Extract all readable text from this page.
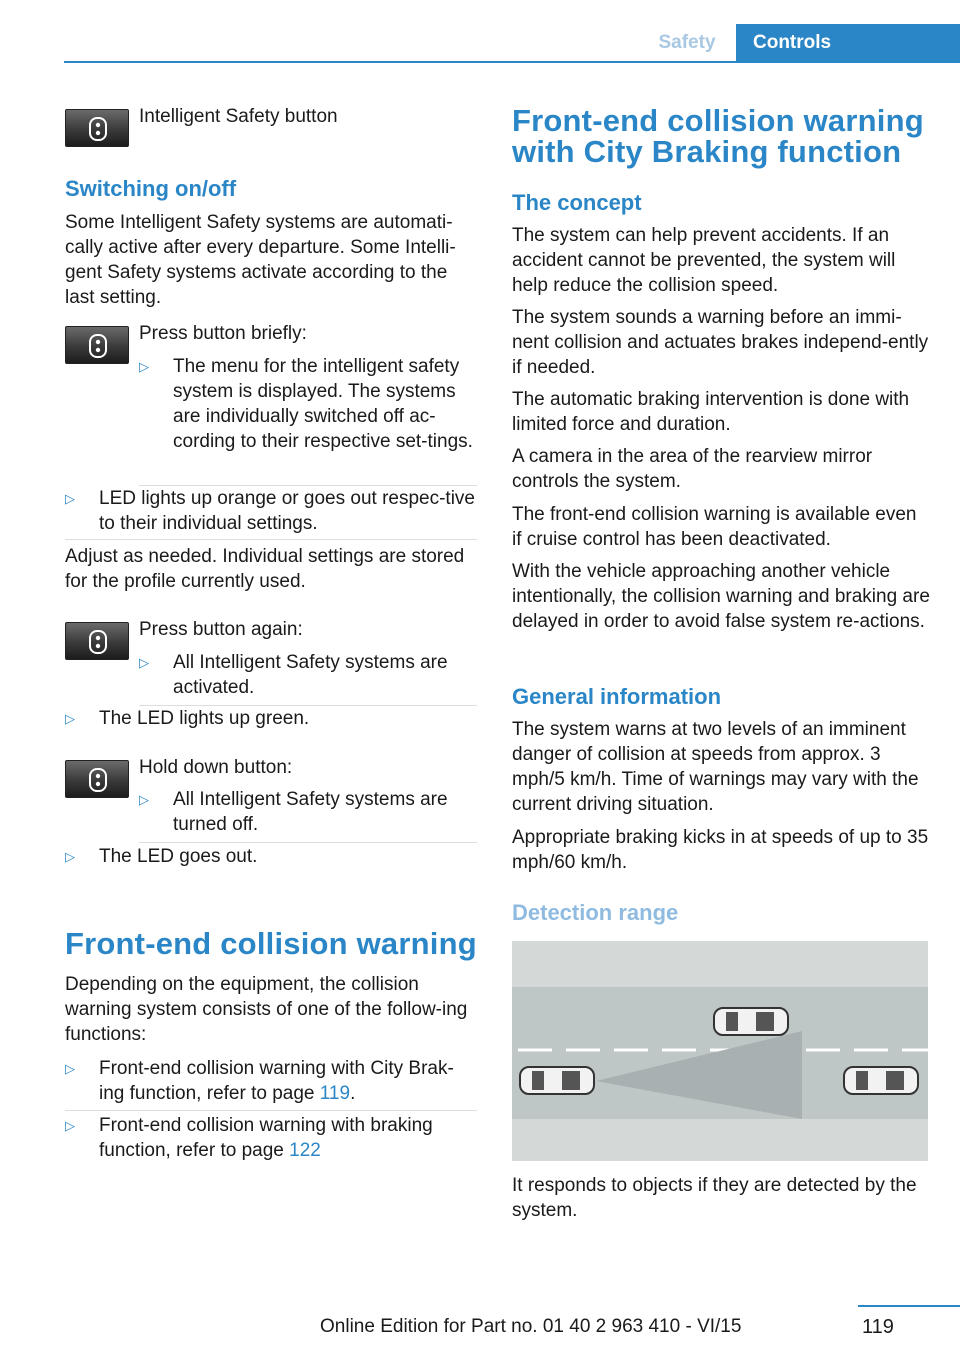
Safety	Controls
Intelligent Safety button
Switching on/off

Some Intelligent Safety systems are automati-cally active after every departure. Some Intelli-gent Safety systems activate according to the last setting.

Press button briefly:
▷ The menu for the intelligent safety system is displayed. The systems are individually switched off ac-cording to their respective set-tings.
▷ LED lights up orange or goes out respec-tive to their individual settings.

Adjust as needed. Individual settings are stored for the profile currently used.

Press button again:
▷ All Intelligent Safety systems are activated.
▷ The LED lights up green.
Hold down button:
▷ All Intelligent Safety systems are turned off.
▷ The LED goes out.
Front-end collision warning

Depending on the equipment, the collision warning system consists of one of the follow-ing functions:

▷ Front-end collision warning with City Brak-ing function, refer to page 119.
▷ Front-end collision warning with braking function, refer to page 122
Front-end collision warning
with City Braking function
The concept

The system can help prevent accidents. If an accident cannot be prevented, the system will help reduce the collision speed.

The system sounds a warning before an immi-nent collision and actuates brakes independ-ently if needed.

The automatic braking intervention is done with limited force and duration.

A camera in the area of the rearview mirror controls the system.

The front-end collision warning is available even if cruise control has been deactivated.

With the vehicle approaching another vehicle intentionally, the collision warning and braking are delayed in order to avoid false system re-actions.

General information

The system warns at two levels of an imminent danger of collision at speeds from approx. 3 mph/5 km/h. Time of warnings may vary with the current driving situation.

Appropriate braking kicks in at speeds of up to 35 mph/60 km/h.

Detection range

It responds to objects if they are detected by the system.

119
Online Edition for Part no. 01 40 2 963 410 - VI/15
